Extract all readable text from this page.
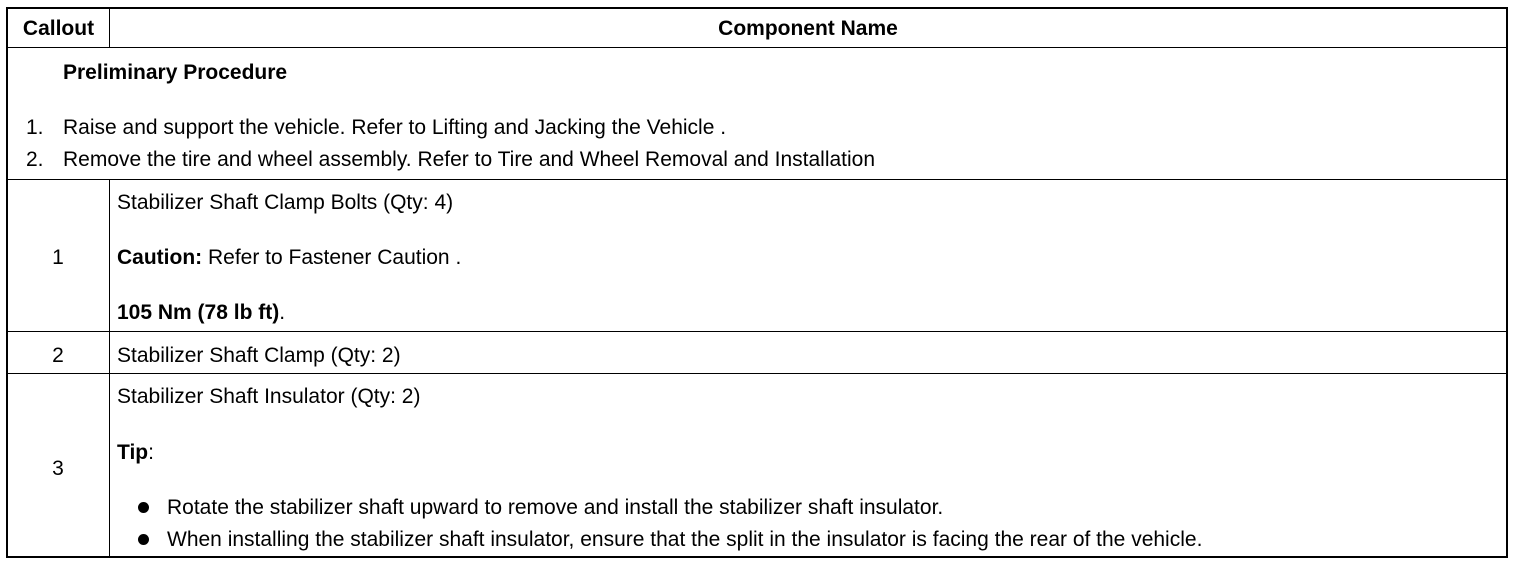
Callout	Component Name
Preliminary Procedure
1. Raise and support the vehicle. Refer to Lifting and Jacking the Vehicle .
2. Remove the tire and wheel assembly. Refer to Tire and Wheel Removal and Installation
1
Stabilizer Shaft Clamp Bolts (Qty: 4)
Caution: Refer to Fastener Caution .
105 Nm (78 lb ft).
2	Stabilizer Shaft Clamp (Qty: 2)
3
Stabilizer Shaft Insulator (Qty: 2)
Tip:
Rotate the stabilizer shaft upward to remove and install the stabilizer shaft insulator.
When installing the stabilizer shaft insulator, ensure that the split in the insulator is facing the rear of the vehicle.
